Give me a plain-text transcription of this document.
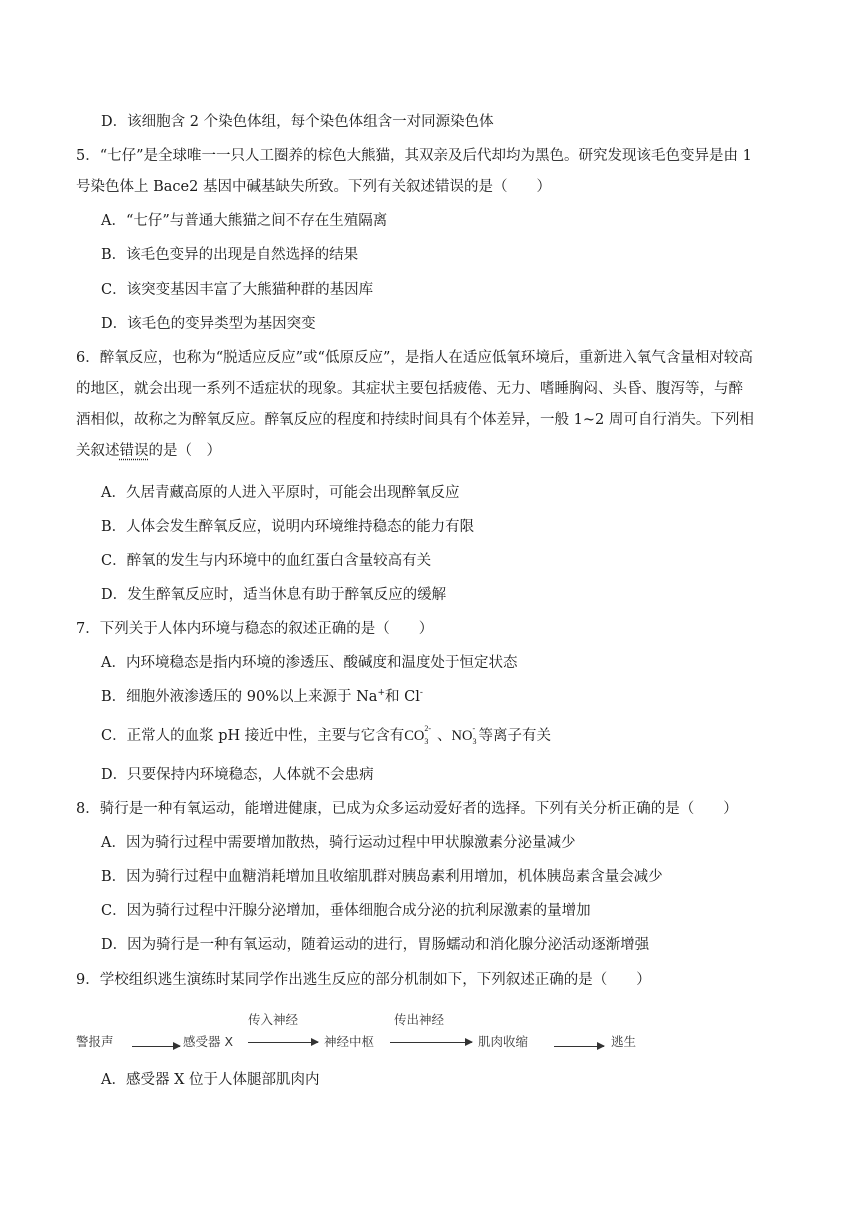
D．该细胞含 2 个染色体组，每个染色体组含一对同源染色体
5．“七仔”是全球唯一一只人工圈养的棕色大熊猫，其双亲及后代却均为黑色。研究发现该毛色变异是由 1
号染色体上 Bace2 基因中碱基缺失所致。下列有关叙述错误的是（　　）
A．“七仔”与普通大熊猫之间不存在生殖隔离
B．该毛色变异的出现是自然选择的结果
C．该突变基因丰富了大熊猫种群的基因库
D．该毛色的变异类型为基因突变
6．醉氧反应，也称为“脱适应反应”或“低原反应”，是指人在适应低氧环境后，重新进入氧气含量相对较高
的地区，就会出现一系列不适症状的现象。其症状主要包括疲倦、无力、嗜睡胸闷、头昏、腹泻等，与醉
酒相似，故称之为醉氧反应。醉氧反应的程度和持续时间具有个体差异，一般 1~2 周可自行消失。下列相
关叙述错误的是（　）
A．久居青藏高原的人进入平原时，可能会出现醉氧反应
B．人体会发生醉氧反应，说明内环境维持稳态的能力有限
C．醉氧的发生与内环境中的血红蛋白含量较高有关
D．发生醉氧反应时，适当休息有助于醉氧反应的缓解
7．下列关于人体内环境与稳态的叙述正确的是（　　）
A．内环境稳态是指内环境的渗透压、酸碱度和温度处于恒定状态
B．细胞外液渗透压的 90%以上来源于 Na+和 Cl-
C．正常人的血浆 pH 接近中性，主要与它含有CO 2-
3 、NO -
3 等离子有关
D．只要保持内环境稳态，人体就不会患病
8．骑行是一种有氧运动，能增进健康，已成为众多运动爱好者的选择。下列有关分析正确的是（　　）
A．因为骑行过程中需要增加散热，骑行运动过程中甲状腺激素分泌量减少
B．因为骑行过程中血糖消耗增加且收缩肌群对胰岛素利用增加，机体胰岛素含量会减少
C．因为骑行过程中汗腺分泌增加，垂体细胞合成分泌的抗利尿激素的量增加
D．因为骑行是一种有氧运动，随着运动的进行，胃肠蠕动和消化腺分泌活动逐渐增强
9．学校组织逃生演练时某同学作出逃生反应的部分机制如下，下列叙述正确的是（　　）
警报声	感受器 X
传入神经
神经中枢
传出神经
肌肉收缩	逃生
A．感受器 X 位于人体腿部肌肉内
